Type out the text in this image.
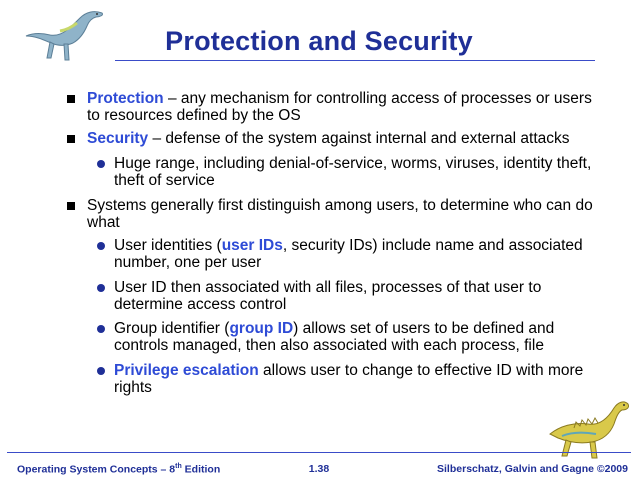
Protection and Security
Protection – any mechanism for controlling access of processes or users to resources defined by the OS
Security – defense of the system against internal and external attacks
Huge range, including denial-of-service, worms, viruses, identity theft, theft of service
Systems generally first distinguish among users, to determine who can do what
User identities (user IDs, security IDs) include name and associated number, one per user
User ID then associated with all files, processes of that user to determine access control
Group identifier (group ID) allows set of users to be defined and controls managed, then also associated with each process, file
Privilege escalation allows user to change to effective ID with more rights
Operating System Concepts – 8th Edition	1.38	Silberschatz, Galvin and Gagne ©2009
